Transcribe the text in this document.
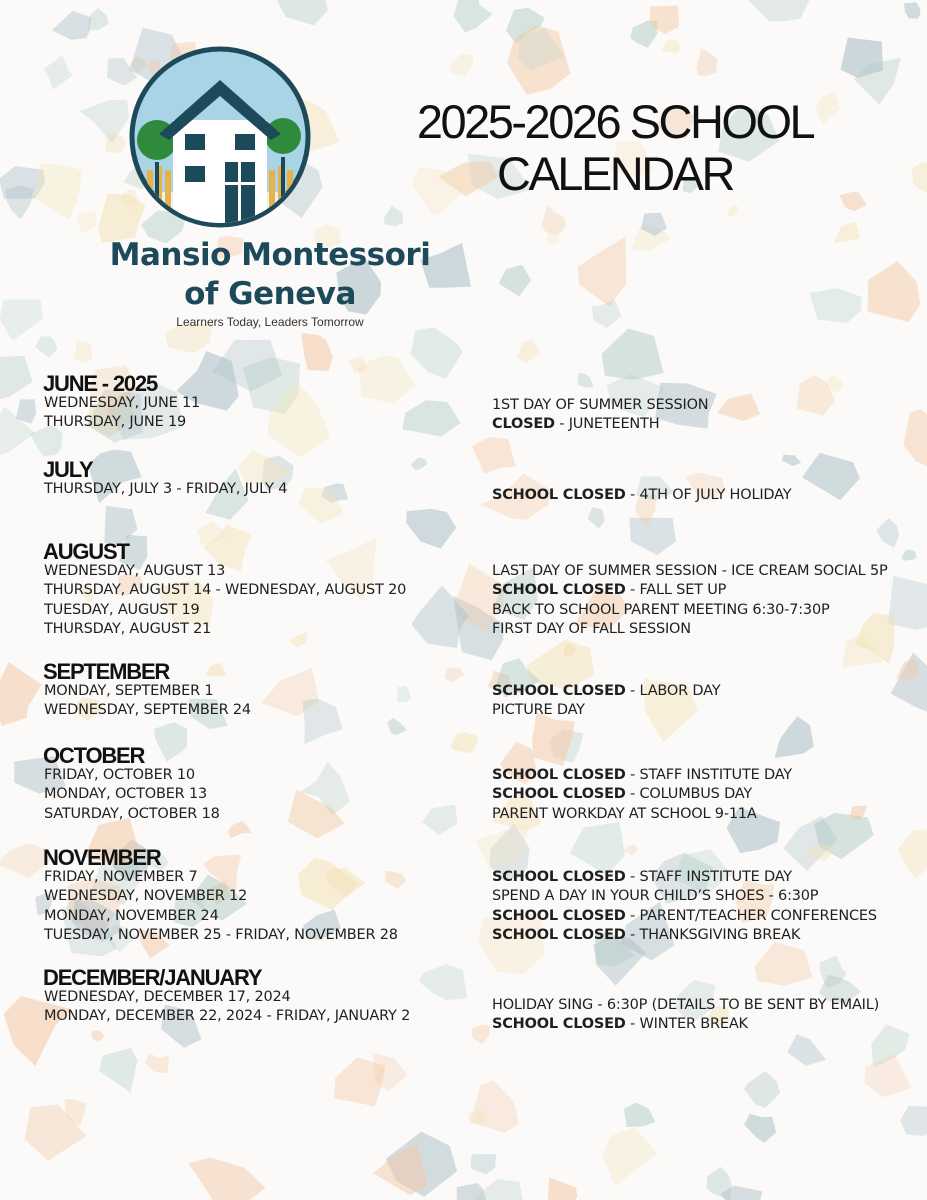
Mansio Montessori
of Geneva
Learners Today, Leaders Tomorrow
2025-2026 SCHOOL
CALENDAR
JUNE - 2025
WEDNESDAY, JUNE 11
THURSDAY, JUNE 19
1ST DAY OF SUMMER SESSION
CLOSED - JUNETEENTH
JULY
THURSDAY, JULY 3 - FRIDAY, JULY 4	SCHOOL CLOSED - 4TH OF JULY HOLIDAY
AUGUST
WEDNESDAY, AUGUST 13
THURSDAY, AUGUST 14 - WEDNESDAY, AUGUST 20
TUESDAY, AUGUST 19
THURSDAY, AUGUST 21
LAST DAY OF SUMMER SESSION - ICE CREAM SOCIAL 5P
SCHOOL CLOSED - FALL SET UP
BACK TO SCHOOL PARENT MEETING 6:30-7:30P
FIRST DAY OF FALL SESSION
SEPTEMBER
MONDAY, SEPTEMBER 1
WEDNESDAY, SEPTEMBER 24
SCHOOL CLOSED - LABOR DAY
PICTURE DAY
OCTOBER
FRIDAY, OCTOBER 10
MONDAY, OCTOBER 13
SATURDAY, OCTOBER 18
SCHOOL CLOSED - STAFF INSTITUTE DAY
SCHOOL CLOSED - COLUMBUS DAY
PARENT WORKDAY AT SCHOOL 9-11A
NOVEMBER
FRIDAY, NOVEMBER 7
WEDNESDAY, NOVEMBER 12
MONDAY, NOVEMBER 24
TUESDAY, NOVEMBER 25 - FRIDAY, NOVEMBER 28
SCHOOL CLOSED - STAFF INSTITUTE DAY
SPEND A DAY IN YOUR CHILD’S SHOES - 6:30P
SCHOOL CLOSED - PARENT/TEACHER CONFERENCES
SCHOOL CLOSED - THANKSGIVING BREAK
DECEMBER/JANUARY
WEDNESDAY, DECEMBER 17, 2024
MONDAY, DECEMBER 22, 2024 - FRIDAY, JANUARY 2
HOLIDAY SING - 6:30P (DETAILS TO BE SENT BY EMAIL)
SCHOOL CLOSED - WINTER BREAK
